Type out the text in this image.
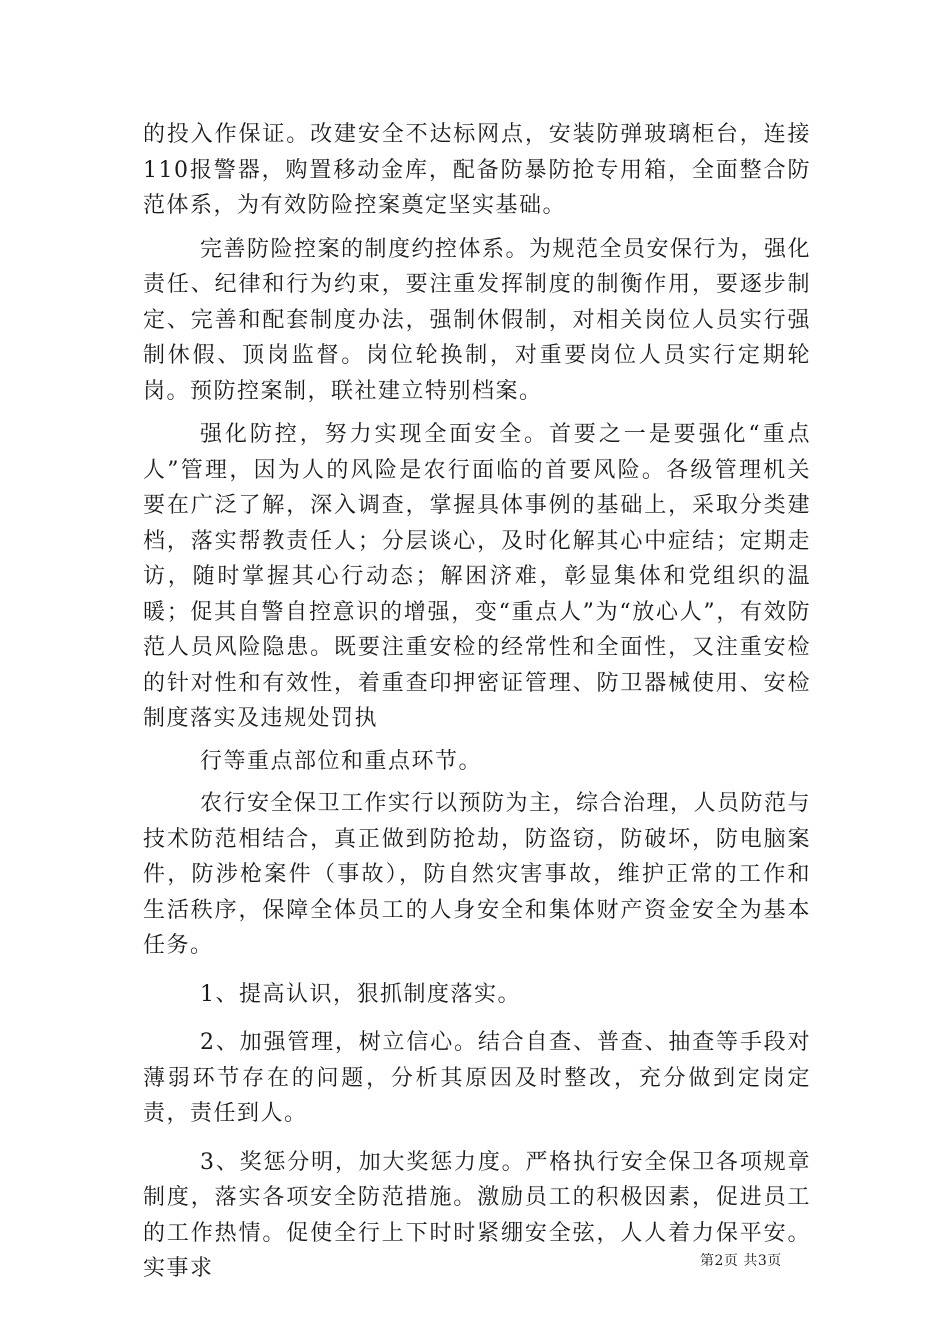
的投入作保证。改建安全不达标网点，安装防弹玻璃柜台，连接110报警器，购置移动金库，配备防暴防抢专用箱，全面整合防范体系，为有效防险控案奠定坚实基础。

完善防险控案的制度约控体系。为规范全员安保行为，强化责任、纪律和行为约束，要注重发挥制度的制衡作用，要逐步制定、完善和配套制度办法，强制休假制，对相关岗位人员实行强制休假、顶岗监督。岗位轮换制，对重要岗位人员实行定期轮岗。预防控案制，联社建立特别档案。

强化防控，努力实现全面安全。首要之一是要强化“重点人”管理，因为人的风险是农行面临的首要风险。各级管理机关要在广泛了解，深入调查，掌握具体事例的基础上，采取分类建档，落实帮教责任人；分层谈心，及时化解其心中症结；定期走访，随时掌握其心行动态；解困济难，彰显集体和党组织的温暖；促其自警自控意识的增强，变“重点人”为“放心人”，有效防范人员风险隐患。既要注重安检的经常性和全面性，又注重安检的针对性和有效性，着重查印押密证管理、防卫器械使用、安检制度落实及违规处罚执

行等重点部位和重点环节。

农行安全保卫工作实行以预防为主，综合治理，人员防范与技术防范相结合，真正做到防抢劫，防盗窃，防破坏，防电脑案件，防涉枪案件（事故），防自然灾害事故，维护正常的工作和生活秩序，保障全体员工的人身安全和集体财产资金安全为基本任务。

1、提高认识，狠抓制度落实。

2、加强管理，树立信心。结合自查、普查、抽查等手段对薄弱环节存在的问题，分析其原因及时整改，充分做到定岗定责，责任到人。

3、奖惩分明，加大奖惩力度。严格执行安全保卫各项规章制度，落实各项安全防范措施。激励员工的积极因素，促进员工的工作热情。促使全行上下时时紧绷安全弦，人人着力保平安。实事求	第2页 共3页
